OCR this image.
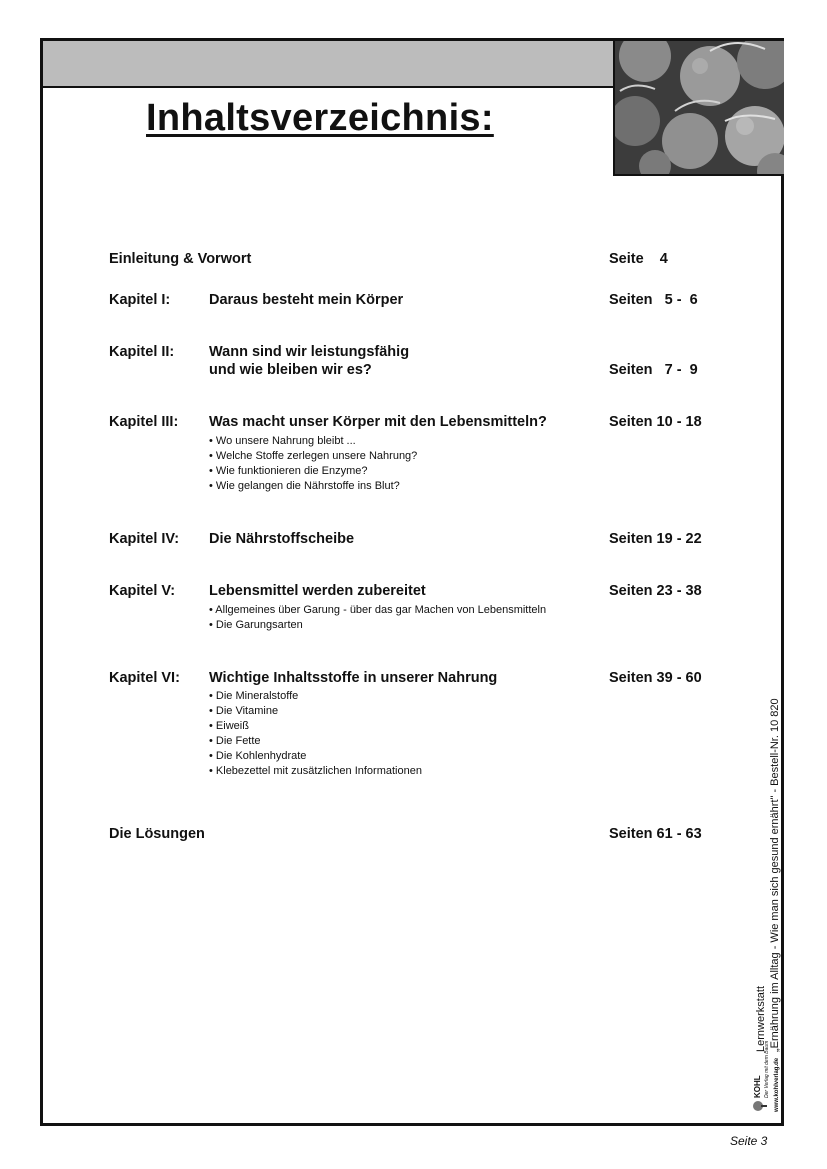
Inhaltsverzeichnis:
Einleitung & Vorwort	Seite    4
Kapitel I:	Daraus besteht mein Körper	Seiten   5 -  6
Kapitel II: Wann sind wir leistungsfähig
und wie bleiben wir es?	Seiten   7 -  9
Kapitel III: Was macht unser Körper mit den Lebensmitteln?	Seiten 10 - 18
• Wo unsere Nahrung bleibt ...
• Welche Stoffe zerlegen unsere Nahrung?
• Wie funktionieren die Enzyme?
• Wie gelangen die Nährstoffe ins Blut?
Kapitel IV: Die Nährstoffscheibe	Seiten 19 - 22
Kapitel V: Lebensmittel werden zubereitet	Seiten 23 - 38
• Allgemeines über Garung - über das gar Machen von Lebensmitteln
• Die Garungsarten
Kapitel VI: Wichtige Inhaltsstoffe in unserer Nahrung	Seiten 39 - 60
• Die Mineralstoffe
• Die Vitamine
• Eiweiß
• Die Fette
• Die Kohlenhydrate
• Klebezettel mit zusätzlichen Informationen
Die Lösungen	Seiten 61 - 63
KOHL Der Verlag mit dem Baum www.kohlverlag.de
Lernwerkstatt „Ernährung im Alltag - Wie man sich gesund ernährt" - Bestell-Nr. 10 820
Seite 3
